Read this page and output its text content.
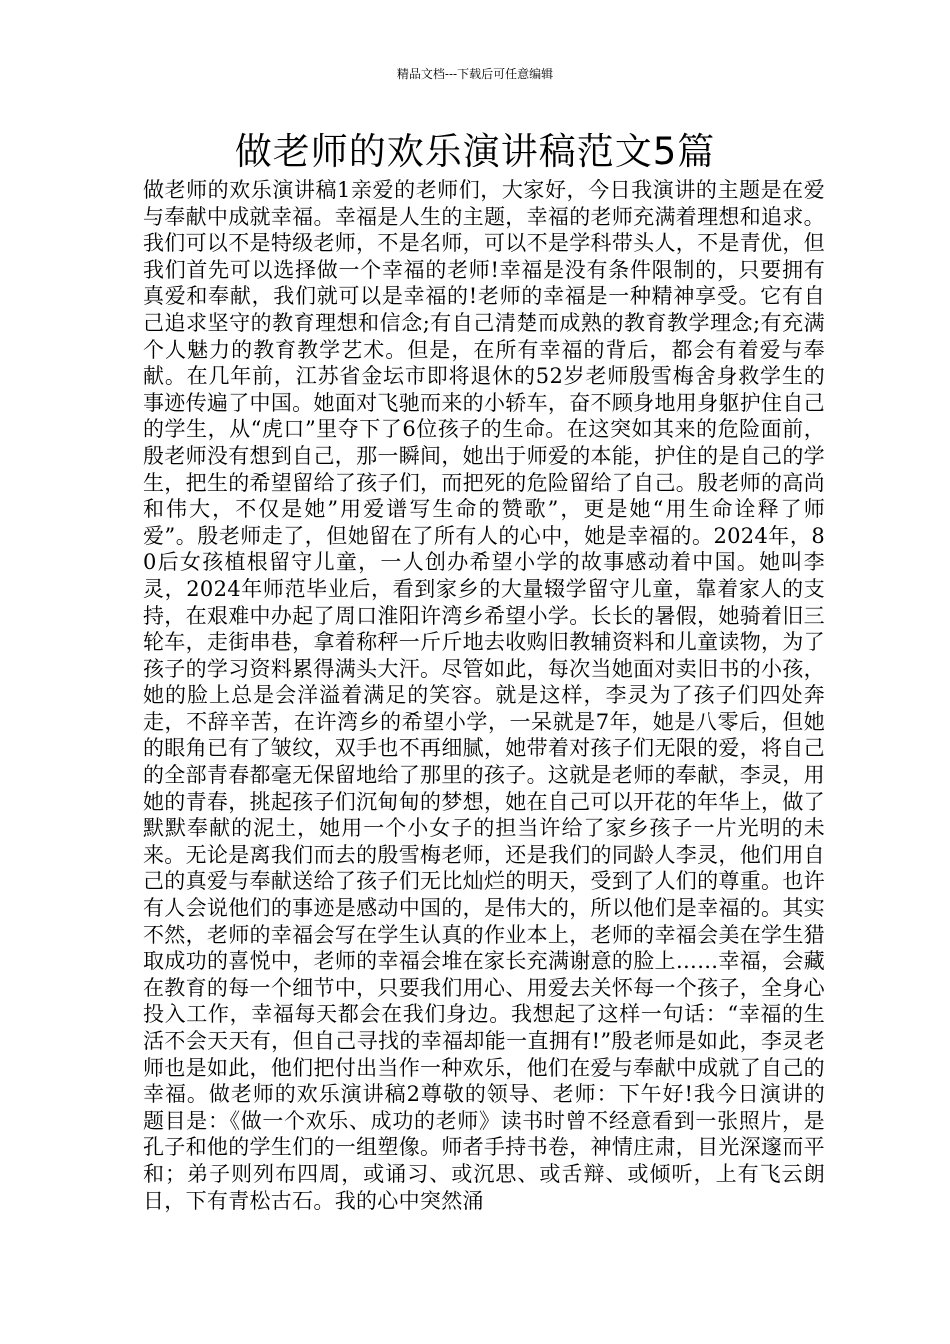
精品文档---下载后可任意编辑
做老师的欢乐演讲稿范文5篇

做老师的欢乐演讲稿1亲爱的老师们，大家好，今日我演讲的主题是在爱与奉献中成就幸福。幸福是人生的主题，幸福的老师充满着理想和追求。我们可以不是特级老师，不是名师，可以不是学科带头人，不是青优，但我们首先可以选择做一个幸福的老师!幸福是没有条件限制的，只要拥有真爱和奉献，我们就可以是幸福的!老师的幸福是一种精神享受。它有自己追求坚守的教育理想和信念;有自己清楚而成熟的教育教学理念;有充满个人魅力的教育教学艺术。但是，在所有幸福的背后，都会有着爱与奉献。在几年前，江苏省金坛市即将退休的52岁老师殷雪梅舍身救学生的事迹传遍了中国。她面对飞驰而来的小轿车，奋不顾身地用身躯护住自己的学生，从“虎口”里夺下了6位孩子的生命。在这突如其来的危险面前，殷老师没有想到自己，那一瞬间，她出于师爱的本能，护住的是自己的学生，把生的希望留给了孩子们，而把死的危险留给了自己。殷老师的高尚和伟大，不仅是她”用爱谱写生命的赞歌”，更是她“用生命诠释了师爱”。殷老师走了，但她留在了所有人的心中，她是幸福的。2024年，80后女孩植根留守儿童，一人创办希望小学的故事感动着中国。她叫李灵，2024年师范毕业后，看到家乡的大量辍学留守儿童，靠着家人的支持，在艰难中办起了周口淮阳许湾乡希望小学。长长的暑假，她骑着旧三轮车，走街串巷，拿着称秤一斤斤地去收购旧教辅资料和儿童读物，为了孩子的学习资料累得满头大汗。尽管如此，每次当她面对卖旧书的小孩，她的脸上总是会洋溢着满足的笑容。就是这样，李灵为了孩子们四处奔走，不辞辛苦，在许湾乡的希望小学，一呆就是7年，她是八零后，但她的眼角已有了皱纹，双手也不再细腻，她带着对孩子们无限的爱，将自己的全部青春都毫无保留地给了那里的孩子。这就是老师的奉献，李灵，用她的青春，挑起孩子们沉甸甸的梦想，她在自己可以开花的年华上，做了默默奉献的泥土，她用一个小女子的担当许给了家乡孩子一片光明的未来。无论是离我们而去的殷雪梅老师，还是我们的同龄人李灵，他们用自己的真爱与奉献送给了孩子们无比灿烂的明天，受到了人们的尊重。也许有人会说他们的事迹是感动中国的，是伟大的，所以他们是幸福的。其实不然，老师的幸福会写在学生认真的作业本上，老师的幸福会美在学生猎取成功的喜悦中，老师的幸福会堆在家长充满谢意的脸上……幸福，会藏在教育的每一个细节中，只要我们用心、用爱去关怀每一个孩子，全身心投入工作，幸福每天都会在我们身边。我想起了这样一句话：“幸福的生活不会天天有，但自己寻找的幸福却能一直拥有!”殷老师是如此，李灵老师也是如此，他们把付出当作一种欢乐，他们在爱与奉献中成就了自己的幸福。做老师的欢乐演讲稿2尊敬的领导、老师：下午好!我今日演讲的题目是：《做一个欢乐、成功的老师》读书时曾不经意看到一张照片，是孔子和他的学生们的一组塑像。师者手持书卷，神情庄肃，目光深邃而平和；弟子则列布四周，或诵习、或沉思、或舌辩、或倾听，上有飞云朗日，下有青松古石。我的心中突然涌
